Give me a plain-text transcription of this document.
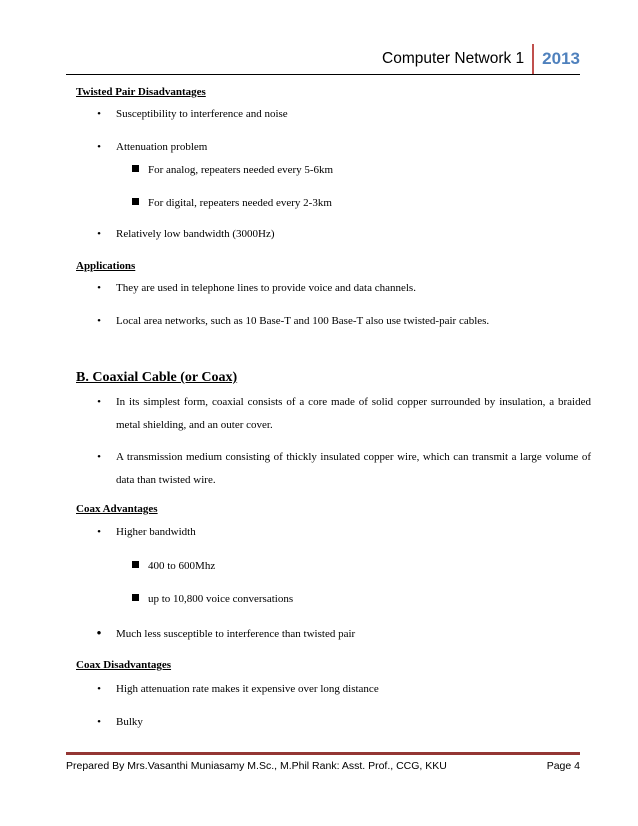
Computer Network 1	2013
Twisted Pair Disadvantages
• Susceptibility to interference and noise
• Attenuation problem
For analog, repeaters needed every 5-6km
For digital, repeaters needed every 2-3km
• Relatively low bandwidth (3000Hz)
Applications
• They are used in telephone lines to provide voice and data channels.
• Local area networks, such as 10 Base-T and 100 Base-T also use twisted-pair cables.
B. Coaxial Cable (or Coax)
• In its simplest form, coaxial consists of a core made of solid copper surrounded by insulation, a braided metal shielding, and an outer cover.
• A transmission medium consisting of thickly insulated copper wire, which can transmit a large volume of data than twisted wire.
Coax Advantages
• Higher bandwidth
400 to 600Mhz
up to 10,800 voice conversations
• Much less susceptible to interference than twisted pair
Coax Disadvantages
• High attenuation rate makes it expensive over long distance
• Bulky
Prepared By Mrs.Vasanthi Muniasamy M.Sc., M.Phil Rank: Asst. Prof., CCG, KKU	Page 4
